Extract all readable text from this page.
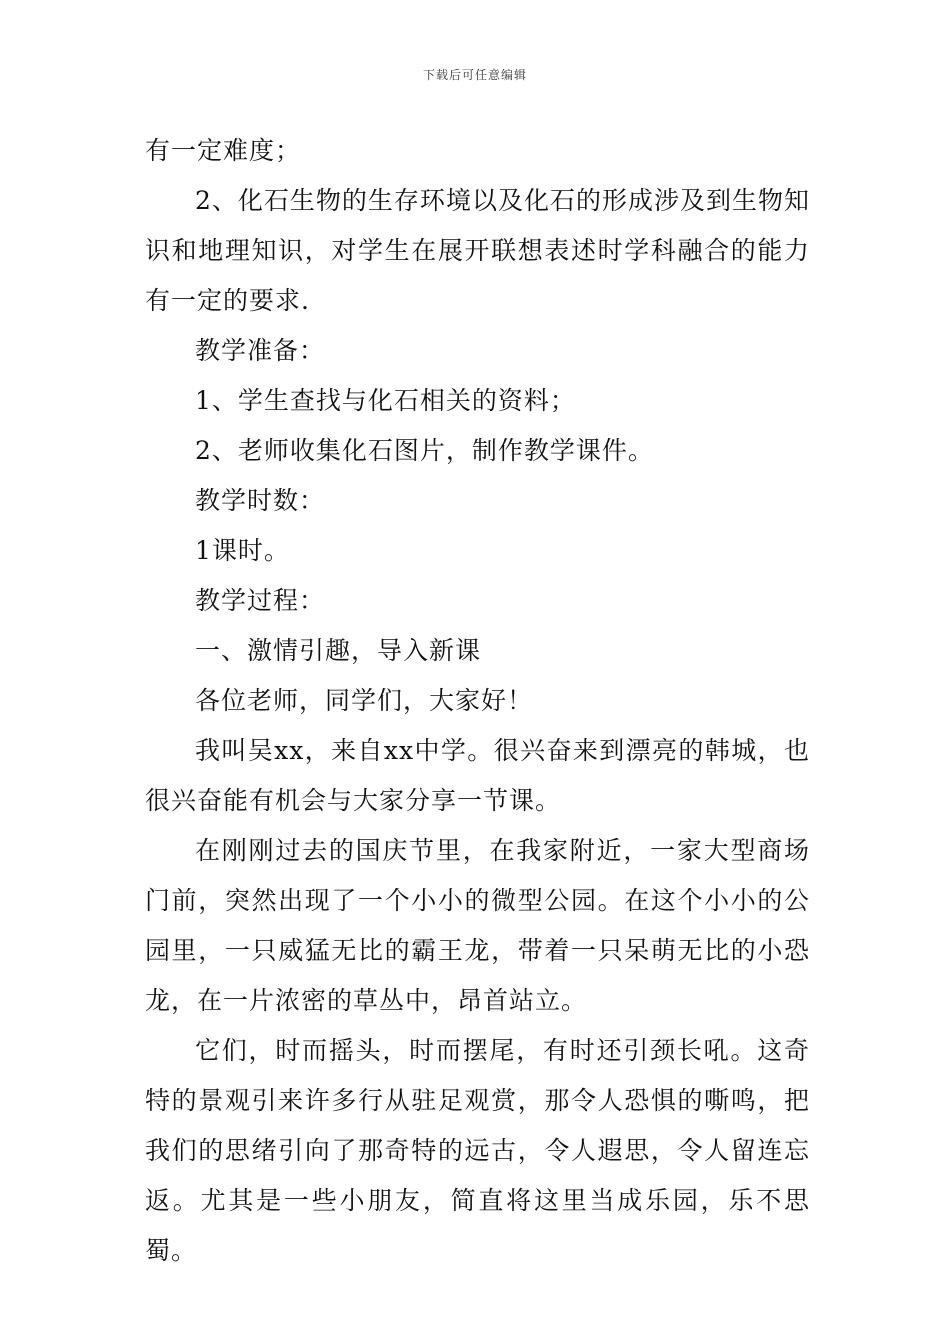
下载后可任意编辑

有一定难度；

2、化石生物的生存环境以及化石的形成涉及到生物知识和地理知识，对学生在展开联想表述时学科融合的能力有一定的要求.

教学准备：

1、学生查找与化石相关的资料；

2、老师收集化石图片，制作教学课件。

教学时数：

1课时。

教学过程：

一、激情引趣，导入新课

各位老师，同学们，大家好！

我叫吴xx，来自xx中学。很兴奋来到漂亮的韩城，也很兴奋能有机会与大家分享一节课。

在刚刚过去的国庆节里，在我家附近，一家大型商场门前，突然出现了一个小小的微型公园。在这个小小的公园里，一只威猛无比的霸王龙，带着一只呆萌无比的小恐龙，在一片浓密的草丛中，昂首站立。

它们，时而摇头，时而摆尾，有时还引颈长吼。这奇特的景观引来许多行从驻足观赏，那令人恐惧的嘶鸣，把我们的思绪引向了那奇特的远古，令人遐思，令人留连忘返。尤其是一些小朋友，简直将这里当成乐园，乐不思蜀。
